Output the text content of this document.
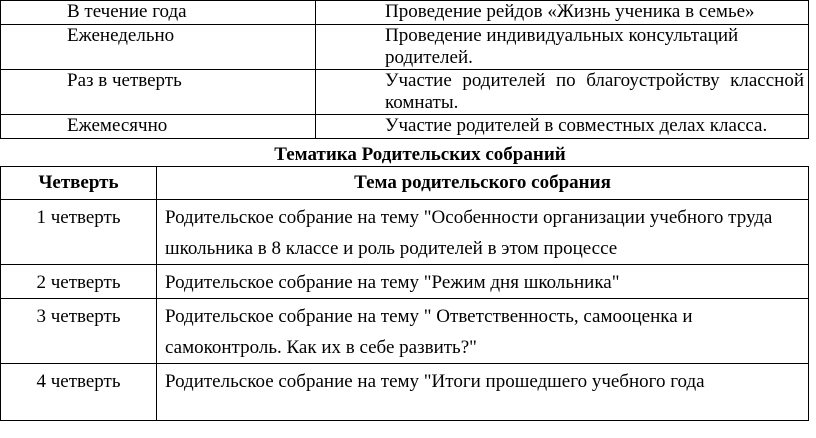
В течение года	Проведение рейдов «Жизнь ученика в семье»
Еженедельно	Проведение индивидуальных консультаций родителей.
Раз в четверть	Участие родителей по благоустройству классной комнаты.
Ежемесячно	Участие родителей в совместных делах класса.
Тематика Родительских собраний
Четверть	Тема родительского собрания
1 четверть	Родительское собрание на тему "Особенности организации учебного труда школьника в 8 классе и роль родителей в этом процессе
2 четверть	Родительское собрание на тему "Режим дня школьника"
3 четверть	Родительское собрание на тему " Ответственность, самооценка и самоконтроль. Как их в себе развить?"
4 четверть	Родительское собрание на тему "Итоги прошедшего учебного года
